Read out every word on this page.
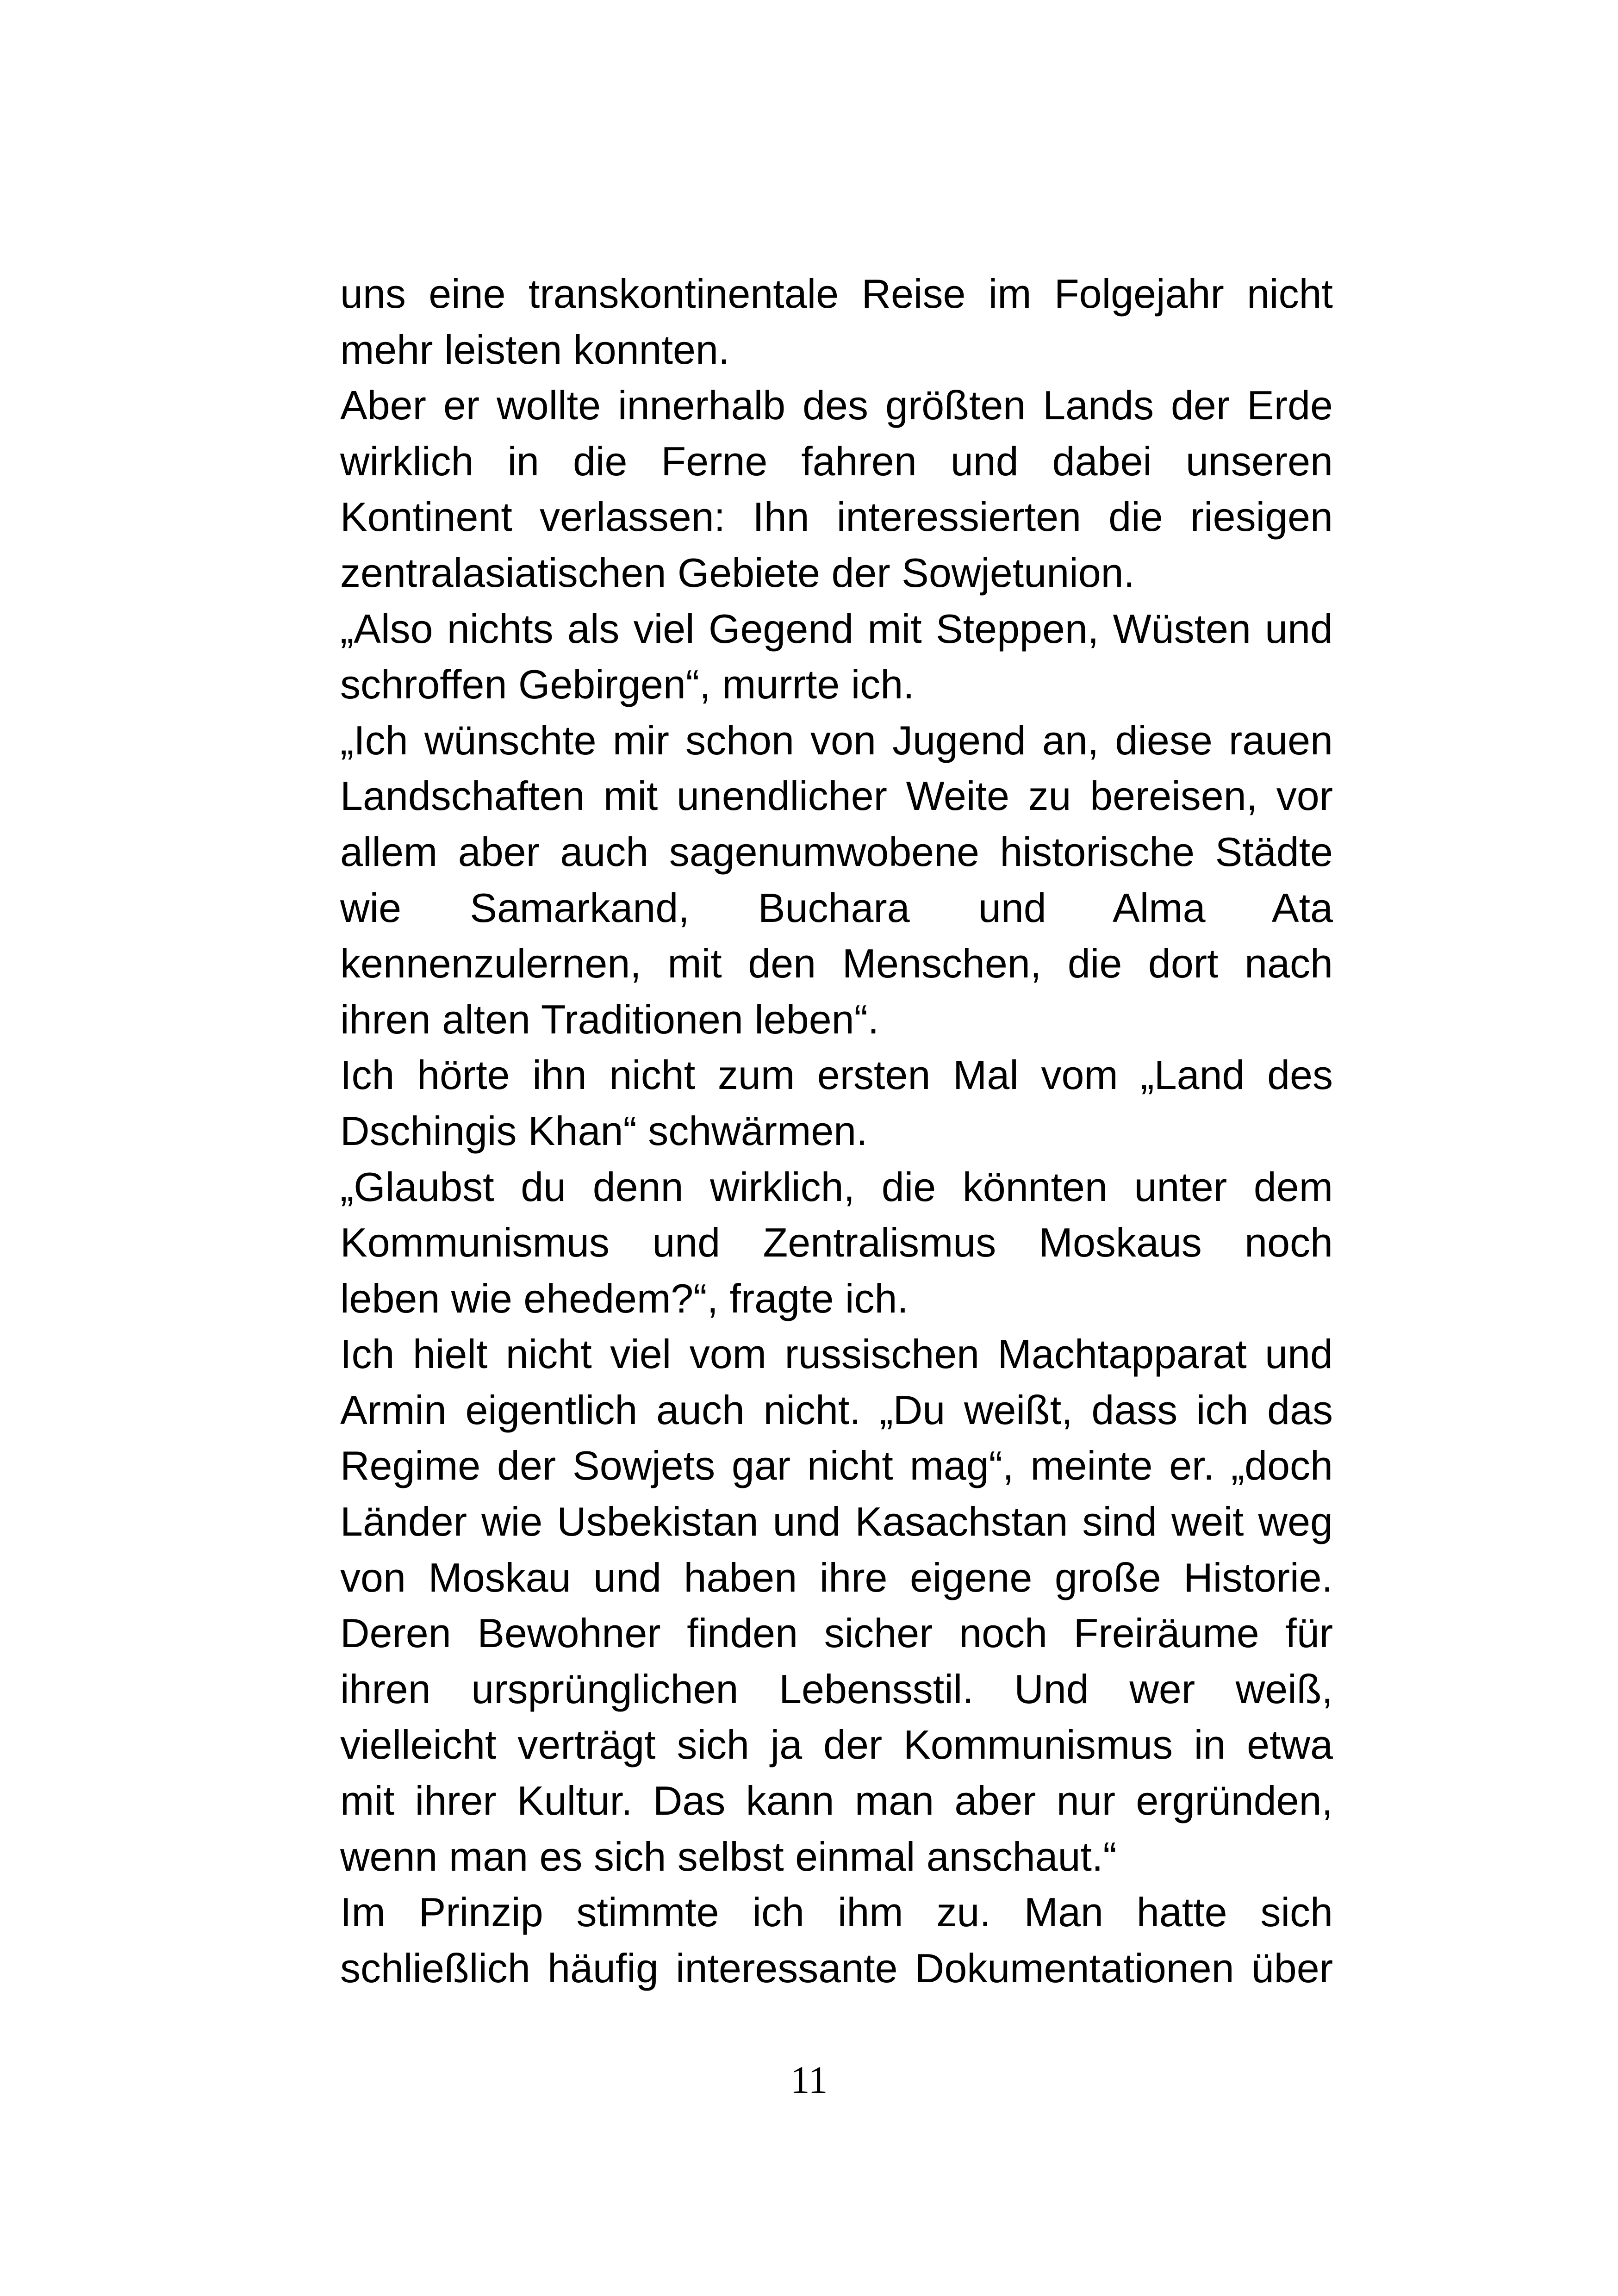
uns eine transkontinentale Reise im Folgejahr nicht
mehr leisten konnten.
Aber er wollte innerhalb des größten Lands der Erde
wirklich in die Ferne fahren und dabei unseren
Kontinent verlassen: Ihn interessierten die riesigen
zentralasiatischen Gebiete der Sowjetunion.
„Also nichts als viel Gegend mit Steppen, Wüsten und
schroffen Gebirgen“, murrte ich.
„Ich wünschte mir schon von Jugend an, diese rauen
Landschaften mit unendlicher Weite zu bereisen, vor
allem aber auch sagenumwobene historische Städte
wie Samarkand, Buchara und Alma Ata
kennenzulernen, mit den Menschen, die dort nach
ihren alten Traditionen leben“.
Ich hörte ihn nicht zum ersten Mal vom „Land des
Dschingis Khan“ schwärmen.
„Glaubst du denn wirklich, die könnten unter dem
Kommunismus und Zentralismus Moskaus noch
leben wie ehedem?“, fragte ich.
Ich hielt nicht viel vom russischen Machtapparat und
Armin eigentlich auch nicht. „Du weißt, dass ich das
Regime der Sowjets gar nicht mag“, meinte er. „doch
Länder wie Usbekistan und Kasachstan sind weit weg
von Moskau und haben ihre eigene große Historie.
Deren Bewohner finden sicher noch Freiräume für
ihren ursprünglichen Lebensstil. Und wer weiß,
vielleicht verträgt sich ja der Kommunismus in etwa
mit ihrer Kultur. Das kann man aber nur ergründen,
wenn man es sich selbst einmal anschaut.“
Im Prinzip stimmte ich ihm zu. Man hatte sich
schließlich häufig interessante Dokumentationen über
11
